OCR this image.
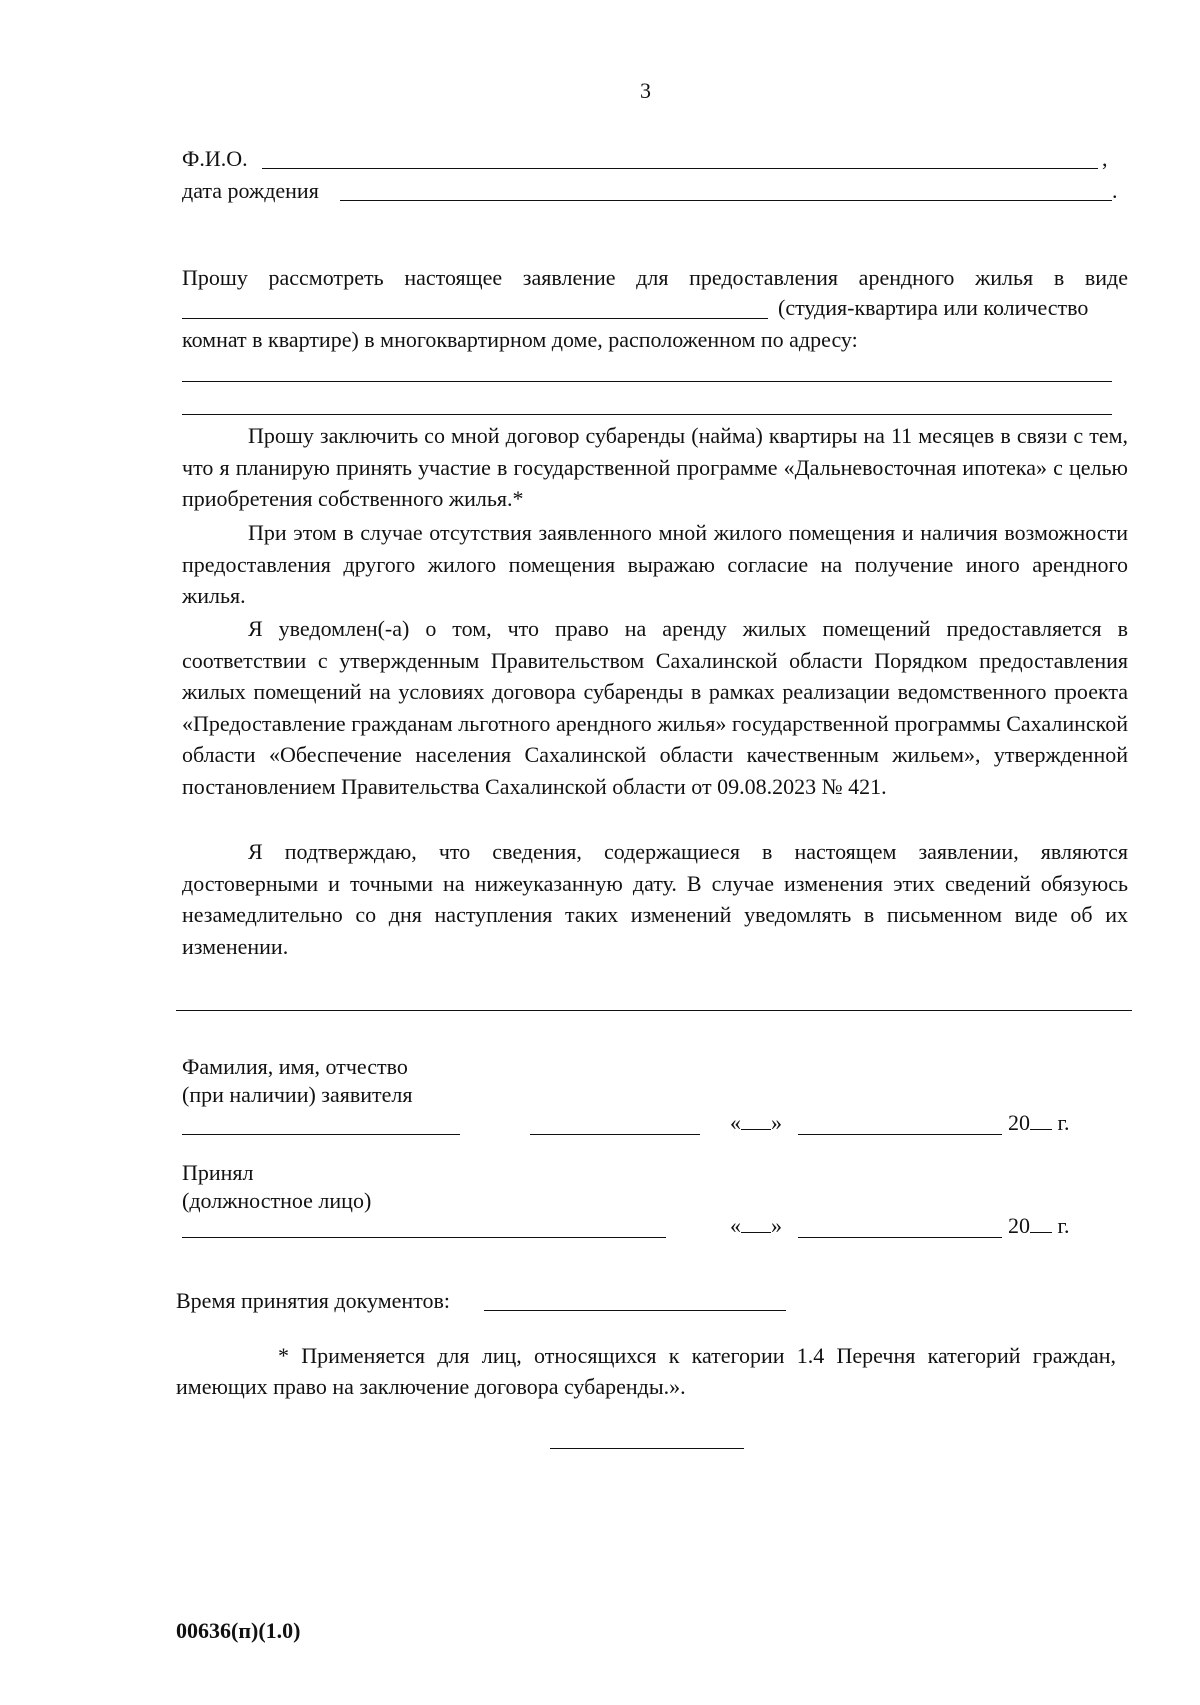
3
Ф.И.О.	,
дата рождения	.
Прошу рассмотреть настоящее заявление для предоставления арендного жилья в виде
(студия-квартира или количество
комнат в квартире) в многоквартирном доме, расположенном по адресу:
Прошу заключить со мной договор субаренды (найма) квартиры на 11 месяцев в связи с тем, что я планирую принять участие в государственной программе «Дальневосточная ипотека» с целью приобретения собственного жилья.*
При этом в случае отсутствия заявленного мной жилого помещения и наличия возможности предоставления другого жилого помещения выражаю согласие на получение иного арендного жилья.
Я уведомлен(-а) о том, что право на аренду жилых помещений предоставляется в соответствии с утвержденным Правительством Сахалинской области Порядком предоставления жилых помещений на условиях договора субаренды в рамках реализации ведомственного проекта «Предоставление гражданам льготного арендного жилья» государственной программы Сахалинской области «Обеспечение населения Сахалинской области качественным жильем», утвержденной постановлением Правительства Сахалинской области от 09.08.2023 № 421.
Я подтверждаю, что сведения, содержащиеся в настоящем заявлении, являются достоверными и точными на нижеуказанную дату. В случае изменения этих сведений обязуюсь незамедлительно со дня наступления таких изменений уведомлять в письменном виде об их изменении.
Фамилия, имя, отчество
(при наличии) заявителя
« »	20 г.
Принял
(должностное лицо)
« »	20 г.
Время принятия документов:
* Применяется для лиц, относящихся к категории 1.4 Перечня категорий граждан, имеющих право на заключение договора субаренды.».
00636(п)(1.0)
